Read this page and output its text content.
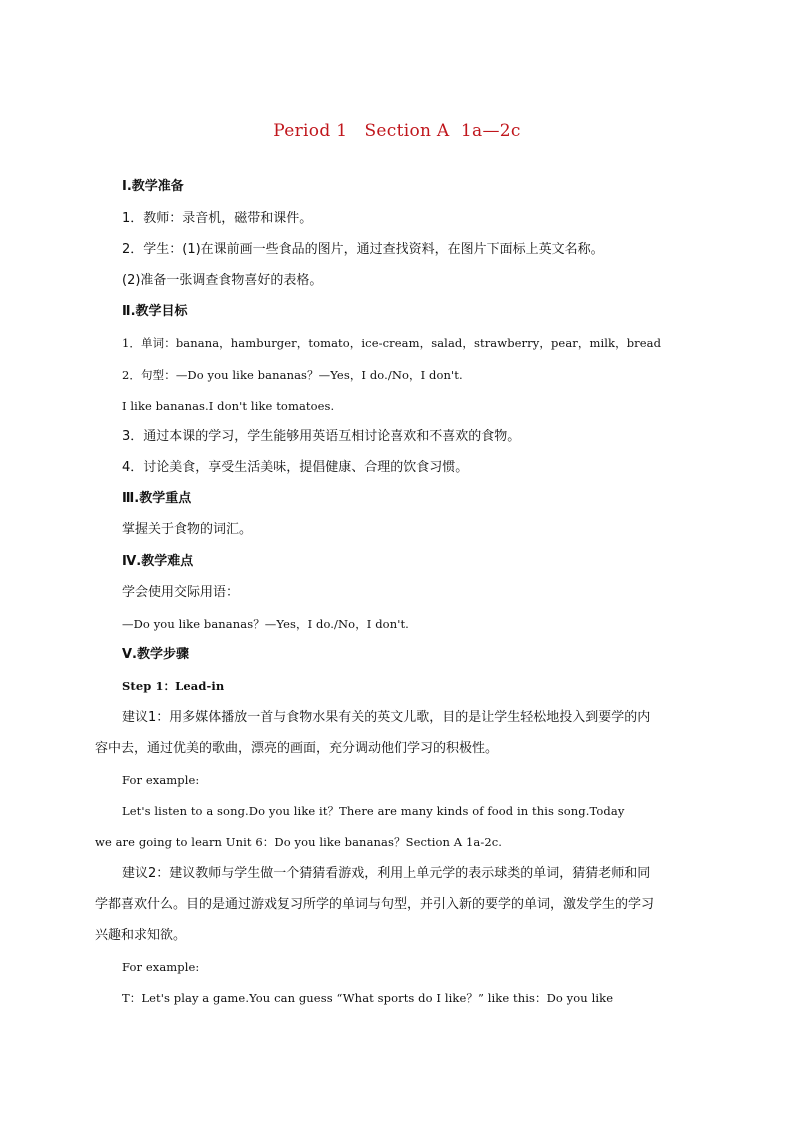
Period 1   Section A  1a—2c
Ⅰ.教学准备
1．教师：录音机，磁带和课件。
2．学生：(1)在课前画一些食品的图片，通过查找资料，在图片下面标上英文名称。
(2)准备一张调查食物喜好的表格。
Ⅱ.教学目标
1．单词：banana，hamburger，tomato，ice-cream，salad，strawberry，pear，milk，bread
2．句型：—Do you like bananas？—Yes，I do./No，I don't.
I like bananas.I don't like tomatoes.
3．通过本课的学习，学生能够用英语互相讨论喜欢和不喜欢的食物。
4．讨论美食，享受生活美味，提倡健康、合理的饮食习惯。
Ⅲ.教学重点
掌握关于食物的词汇。
Ⅳ.教学难点
学会使用交际用语：
—Do you like bananas？—Yes，I do./No，I don't.
Ⅴ.教学步骤
Step 1：Lead-in
建议1：用多媒体播放一首与食物水果有关的英文儿歌，目的是让学生轻松地投入到要学的内
容中去，通过优美的歌曲，漂亮的画面，充分调动他们学习的积极性。
For example:
Let's listen to a song.Do you like it？There are many kinds of food in this song.Today
we are going to learn Unit 6：Do you like bananas？Section A 1a-2c.
建议2：建议教师与学生做一个猜猜看游戏，利用上单元学的表示球类的单词，猜猜老师和同
学都喜欢什么。目的是通过游戏复习所学的单词与句型，并引入新的要学的单词，激发学生的学习
兴趣和求知欲。
For example:
T：Let's play a game.You can guess “What sports do I like？” like this：Do you like
